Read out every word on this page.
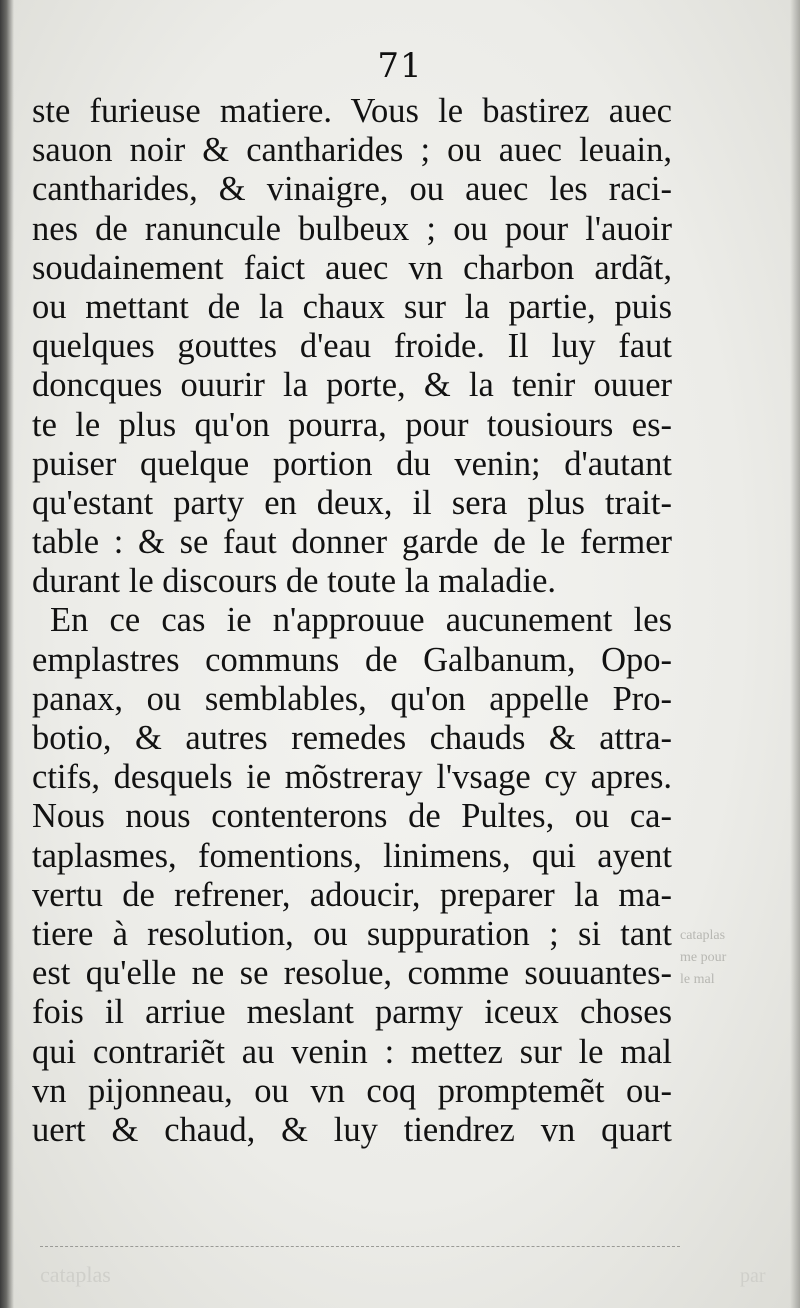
71
ste furieuse matiere. Vous le bastirez auec
sauon noir & cantharides ; ou auec leuain,
cantharides, & vinaigre, ou auec les raci-
nes de ranuncule bulbeux ; ou pour l'auoir
soudainement faict auec vn charbon ardãt,
ou mettant de la chaux sur la partie, puis
quelques gouttes d'eau froide. Il luy faut
doncques ouurir la porte, & la tenir ouuer
te le plus qu'on pourra, pour tousiours es-
puiser quelque portion du venin; d'autant
qu'estant party en deux, il sera plus trait-
table : & se faut donner garde de le fermer
durant le discours de toute la maladie.
En ce cas ie n'approuue aucunement les
emplastres communs de Galbanum, Opo-
panax, ou semblables, qu'on appelle Pro-
botio, & autres remedes chauds & attra-
ctifs, desquels ie mõstreray l'vsage cy apres.
Nous nous contenterons de Pultes, ou ca-
taplasmes, fomentions, linimens, qui ayent
vertu de refrener, adoucir, preparer la ma-
tiere à resolution, ou suppuration ; si tant
est qu'elle ne se resolue, comme souuantes-
fois il arriue meslant parmy iceux choses
qui contrariẽt au venin : mettez sur le mal
vn pijonneau, ou vn coq promptemẽt ou-
uert & chaud, & luy tiendrez vn quart
cataplas
me pour
le mal
cataplas	par
